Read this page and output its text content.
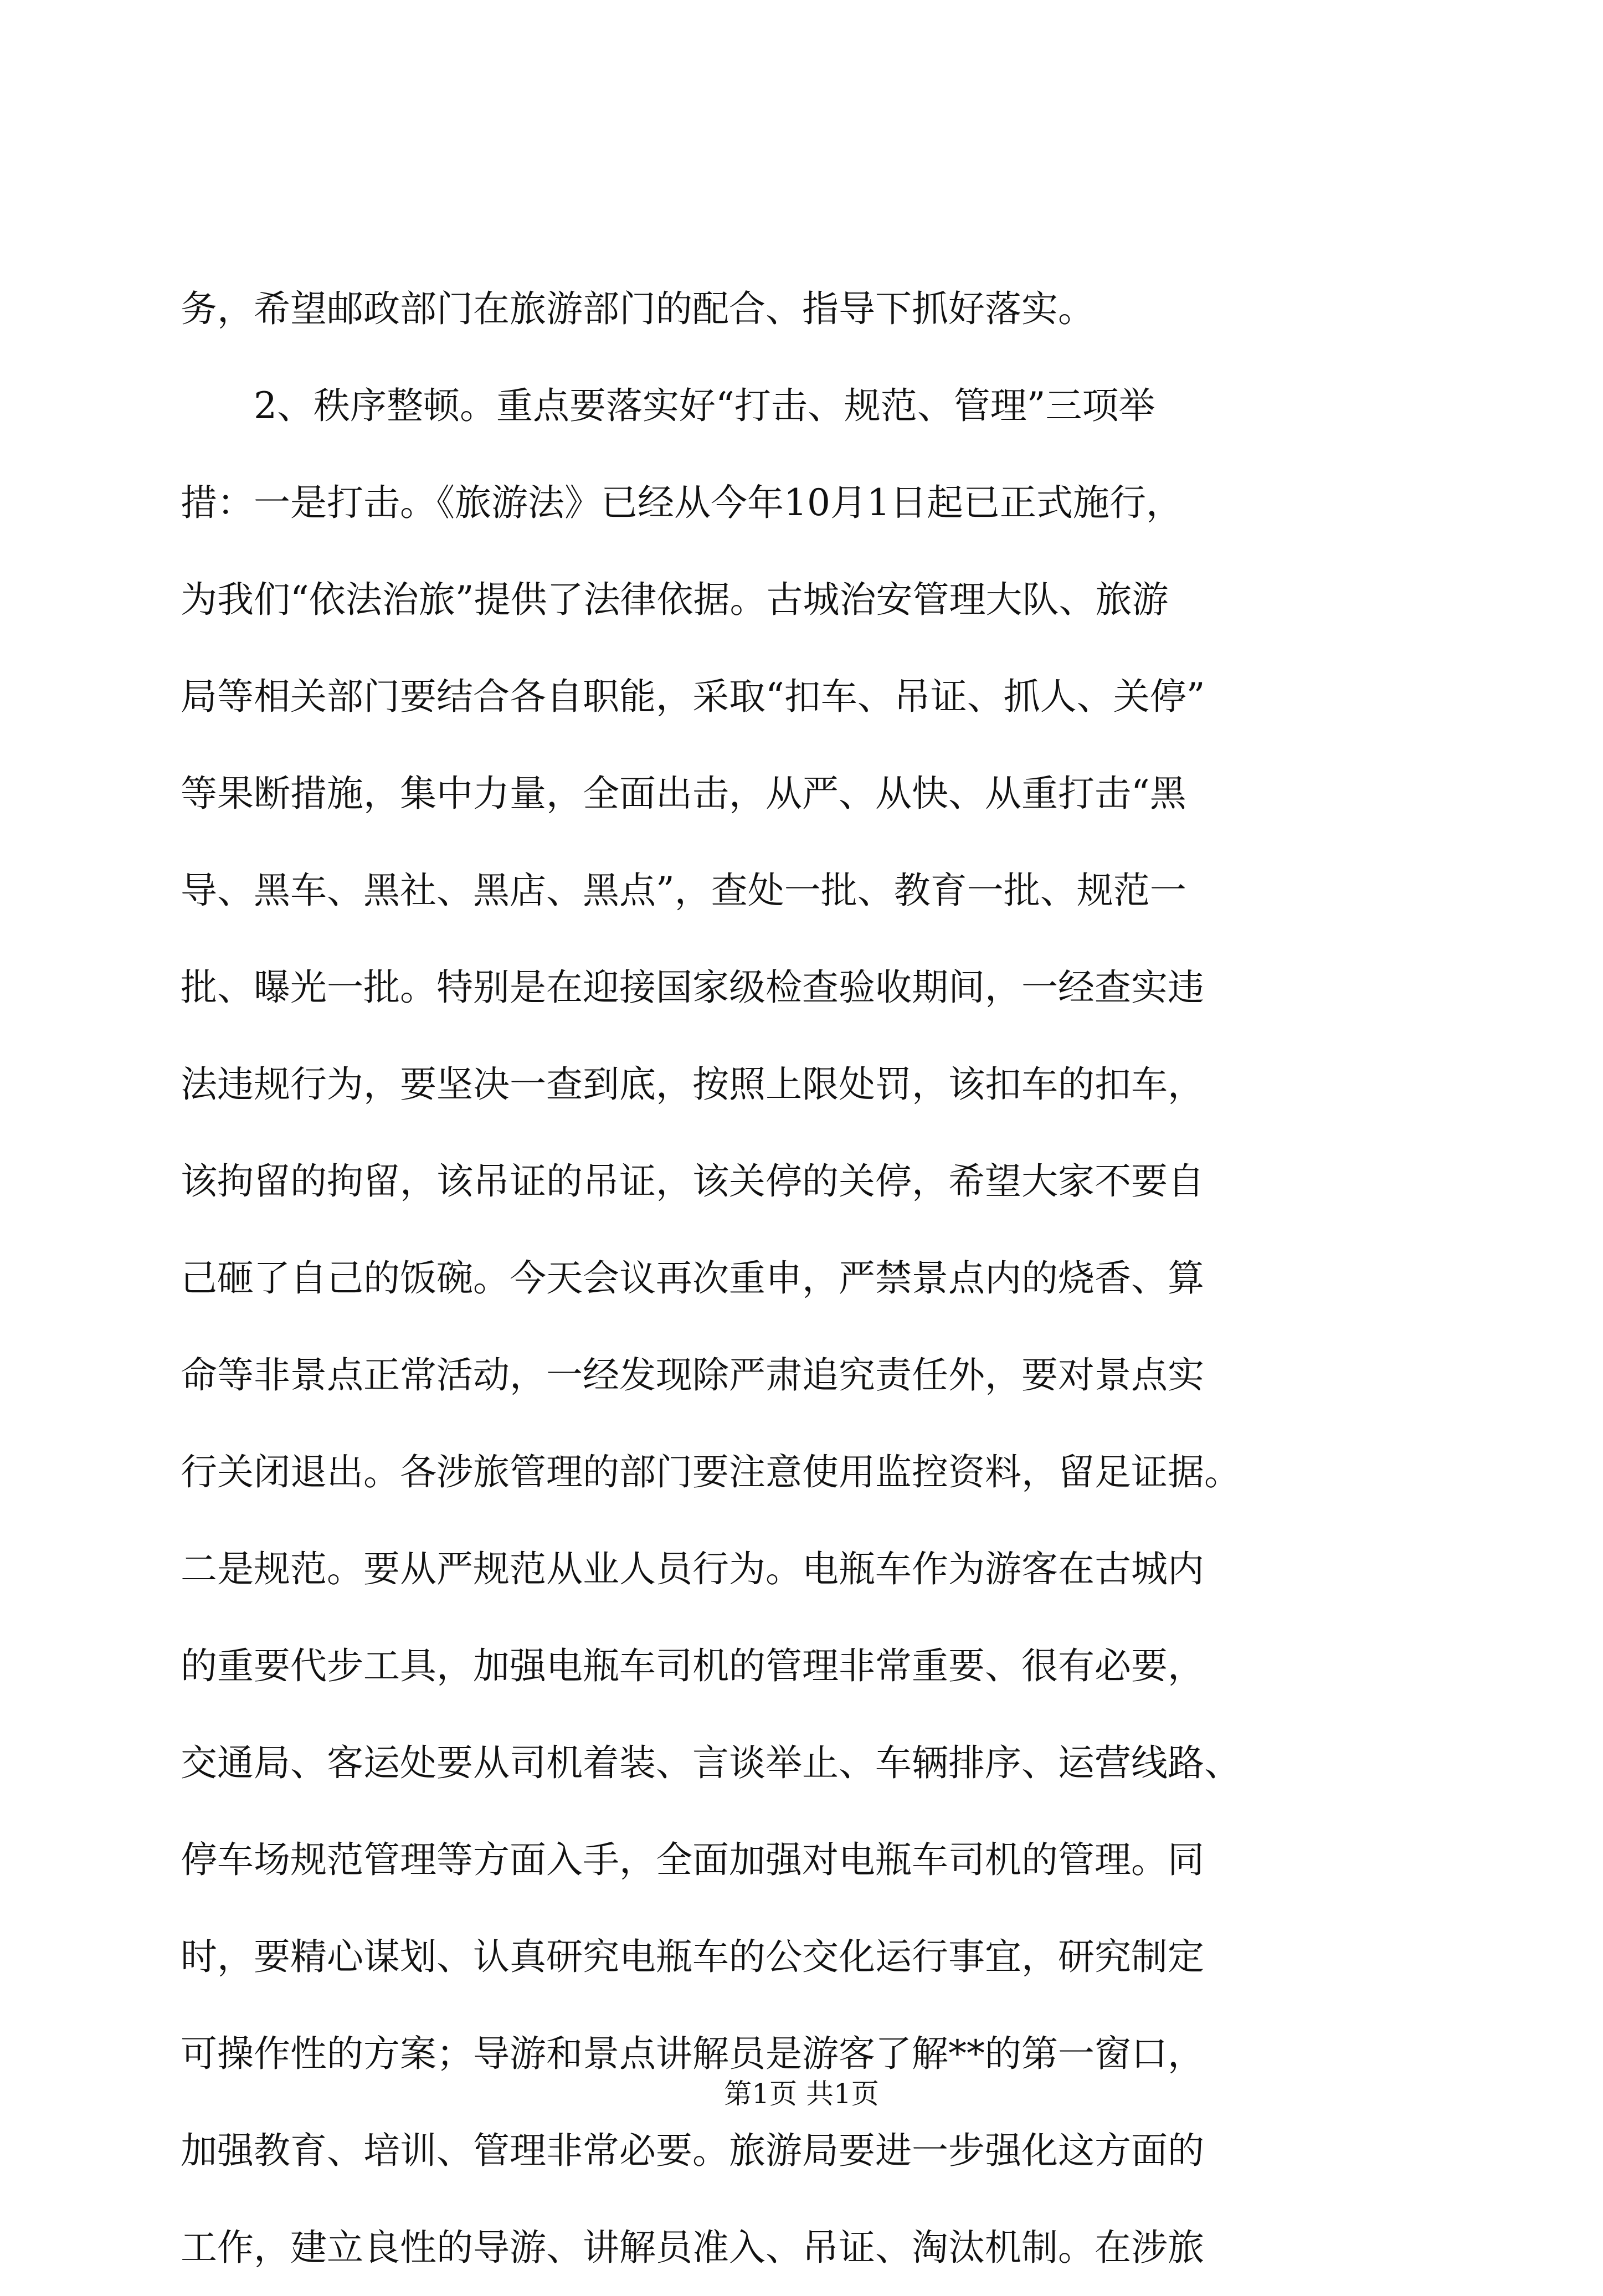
务，希望邮政部门在旅游部门的配合、指导下抓好落实。
　　2、秩序整顿。重点要落实好“打击、规范、管理”三项举
措：一是打击。《旅游法》已经从今年10月1日起已正式施行，
为我们“依法治旅”提供了法律依据。古城治安管理大队、旅游
局等相关部门要结合各自职能，采取“扣车、吊证、抓人、关停”
等果断措施，集中力量，全面出击，从严、从快、从重打击“黑
导、黑车、黑社、黑店、黑点”，查处一批、教育一批、规范一
批、曝光一批。特别是在迎接国家级检查验收期间，一经查实违
法违规行为，要坚决一查到底，按照上限处罚，该扣车的扣车，
该拘留的拘留，该吊证的吊证，该关停的关停，希望大家不要自
己砸了自己的饭碗。今天会议再次重申，严禁景点内的烧香、算
命等非景点正常活动，一经发现除严肃追究责任外，要对景点实
行关闭退出。各涉旅管理的部门要注意使用监控资料，留足证据。
二是规范。要从严规范从业人员行为。电瓶车作为游客在古城内
的重要代步工具，加强电瓶车司机的管理非常重要、很有必要，
交通局、客运处要从司机着装、言谈举止、车辆排序、运营线路、
停车场规范管理等方面入手，全面加强对电瓶车司机的管理。同
时，要精心谋划、认真研究电瓶车的公交化运行事宜，研究制定
可操作性的方案；导游和景点讲解员是游客了解**的第一窗口，
加强教育、培训、管理非常必要。旅游局要进一步强化这方面的
工作，建立良性的导游、讲解员准入、吊证、淘汰机制。在涉旅
第1页 共1页
